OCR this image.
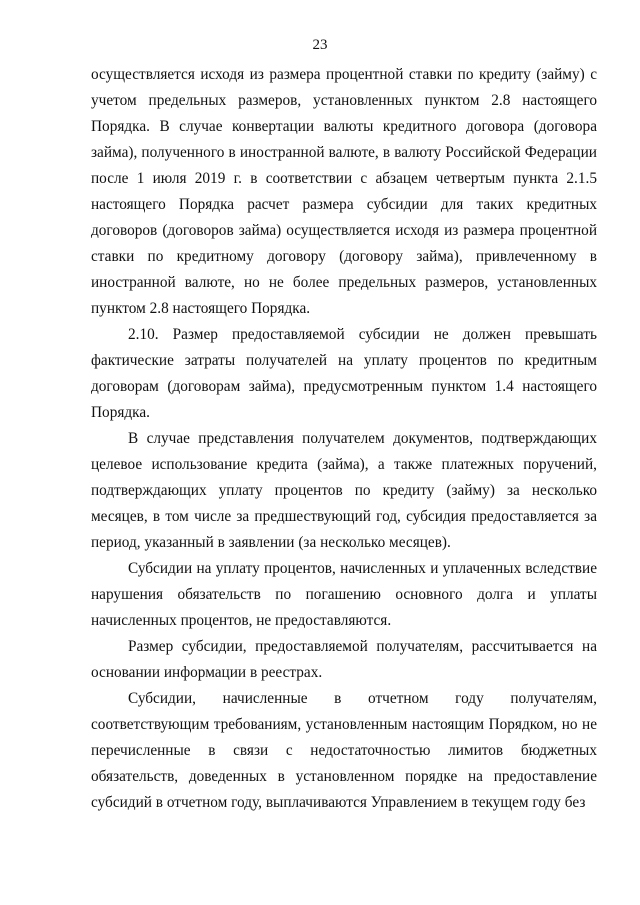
23

осуществляется исходя из размера процентной ставки по кредиту (займу) с учетом предельных размеров, установленных пунктом 2.8 настоящего Порядка. В случае конвертации валюты кредитного договора (договора займа), полученного в иностранной валюте, в валюту Российской Федерации после 1 июля 2019 г. в соответствии с абзацем четвертым пункта 2.1.5 настоящего Порядка расчет размера субсидии для таких кредитных договоров (договоров займа) осуществляется исходя из размера процентной ставки по кредитному договору (договору займа), привлеченному в иностранной валюте, но не более предельных размеров, установленных пунктом 2.8 настоящего Порядка.

2.10. Размер предоставляемой субсидии не должен превышать фактические затраты получателей на уплату процентов по кредитным договорам (договорам займа), предусмотренным пунктом 1.4 настоящего Порядка.

В случае представления получателем документов, подтверждающих целевое использование кредита (займа), а также платежных поручений, подтверждающих уплату процентов по кредиту (займу) за несколько месяцев, в том числе за предшествующий год, субсидия предоставляется за период, указанный в заявлении (за несколько месяцев).

Субсидии на уплату процентов, начисленных и уплаченных вследствие нарушения обязательств по погашению основного долга и уплаты начисленных процентов, не предоставляются.

Размер субсидии, предоставляемой получателям, рассчитывается на основании информации в реестрах.

Субсидии, начисленные в отчетном году получателям, соответствующим требованиям, установленным настоящим Порядком, но не перечисленные в связи с недостаточностью лимитов бюджетных обязательств, доведенных в установленном порядке на предоставление субсидий в отчетном году, выплачиваются Управлением в текущем году без
